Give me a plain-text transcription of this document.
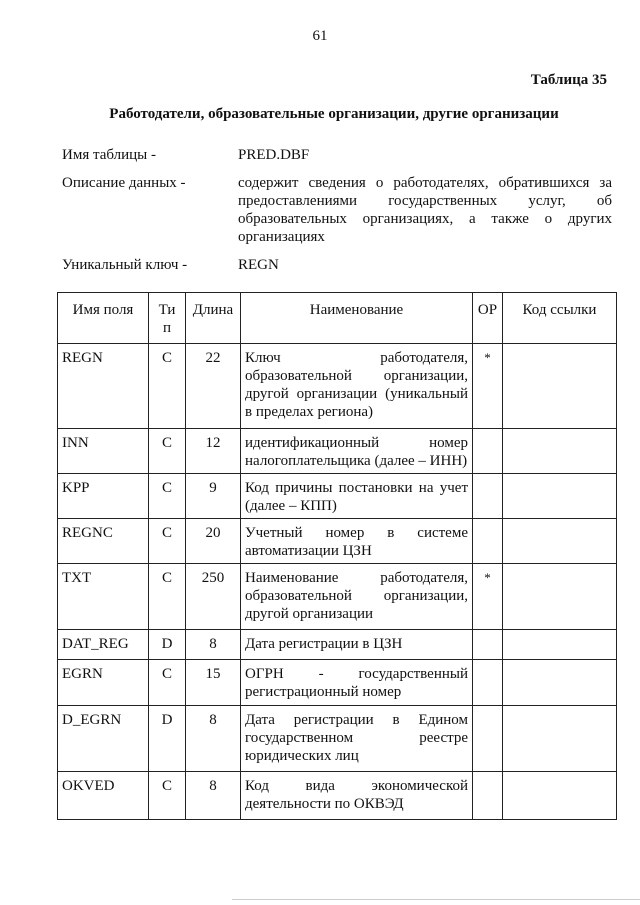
61
Таблица 35
Работодатели, образовательные организации, другие организации
Имя таблицы -	PRED.DBF
Описание данных -	содержит сведения о работодателях, обратившихся за предоставлениями государственных услуг, об образовательных организациях, а также о других организациях
Уникальный ключ -	REGN
Имя поля	Ти п	Длина	Наименование	ОР	Код ссылки
REGN	C	22	Ключ работодателя, образовательной организации, другой организации (уникальный в пределах региона)	*	
INN	C	12	идентификационный номер налогоплательщика (далее – ИНН)		
KPP	C	9	Код причины постановки на учет (далее – КПП)		
REGNC	C	20	Учетный номер в системе автоматизации ЦЗН		
TXT	C	250	Наименование работодателя, образовательной организации, другой организации	*	
DAT_REG	D	8	Дата регистрации в ЦЗН		
EGRN	C	15	ОГРН - государственный регистрационный номер		
D_EGRN	D	8	Дата регистрации в Едином государственном реестре юридических лиц		
OKVED	C	8	Код вида экономической деятельности по ОКВЭД		
